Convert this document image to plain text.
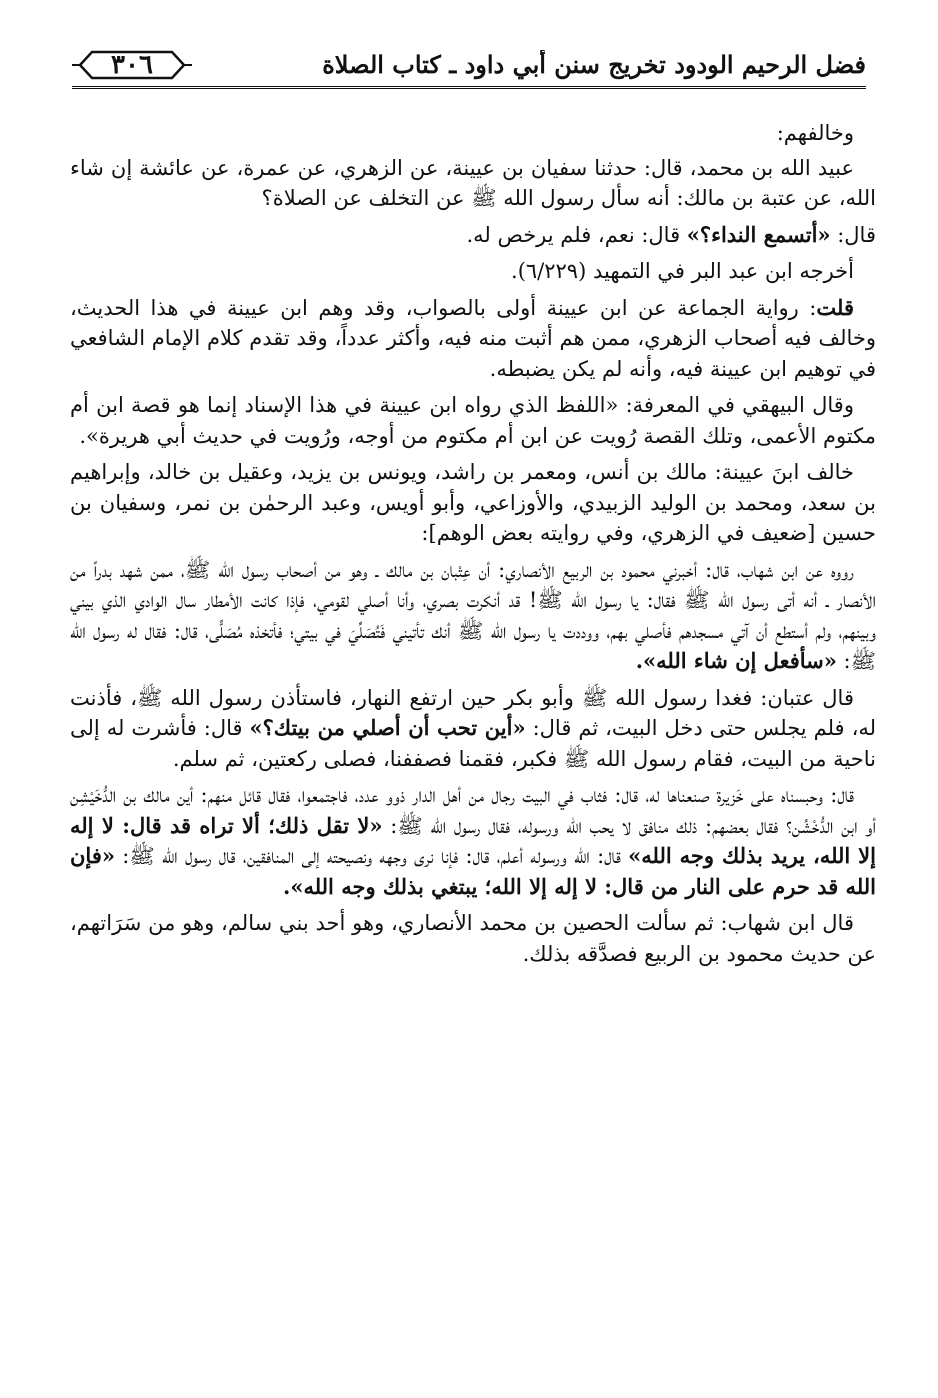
فضل الرحيم الودود تخريج سنن أبي داود ـ كتاب الصلاة
٣٠٦

وخالفهم:

عبيد الله بن محمد، قال: حدثنا سفيان بن عيينة، عن الزهري، عن عمرة، عن عائشة إن شاء الله، عن عتبة بن مالك: أنه سأل رسول الله ﷺ عن التخلف عن الصلاة؟

قال: «أتسمع النداء؟» قال: نعم، فلم يرخص له.

أخرجه ابن عبد البر في التمهيد (٦/٢٢٩).

قلت: رواية الجماعة عن ابن عيينة أولى بالصواب، وقد وهم ابن عيينة في هذا الحديث، وخالف فيه أصحاب الزهري، ممن هم أثبت منه فيه، وأكثر عدداً، وقد تقدم كلام الإمام الشافعي في توهيم ابن عيينة فيه، وأنه لم يكن يضبطه.

وقال البيهقي في المعرفة: «اللفظ الذي رواه ابن عيينة في هذا الإسناد إنما هو قصة ابن أم مكتوم الأعمى، وتلك القصة رُويت عن ابن أم مكتوم من أوجه، ورُويت في حديث أبي هريرة».

خالف ابنَ عيينة: مالك بن أنس، ومعمر بن راشد، ويونس بن يزيد، وعقيل بن خالد، وإبراهيم بن سعد، ومحمد بن الوليد الزبيدي، والأوزاعي، وأبو أويس، وعبد الرحمٰن بن نمر، وسفيان بن حسين [ضعيف في الزهري، وفي روايته بعض الوهم]:

رووه عن ابن شهاب، قال: أخبرني محمود بن الربيع الأنصاري: أن عِتْبان بن مالك ـ وهو من أصحاب رسول الله ﷺ، ممن شهد بدراً من الأنصار ـ أنه أتى رسول الله ﷺ فقال: يا رسول الله ﷺ! قد أنكرت بصري، وأنا أصلي لقومي، فإذا كانت الأمطار سال الوادي الذي بيني وبينهم، ولم أستطع أن آتي مسجدهم فأصلي بهم، ووددت يا رسول الله ﷺ أنك تأتيني فَتُصَلِّيَ في بيتي؛ فأتخذه مُصَلًّى، قال: فقال له رسول الله ﷺ: «سأفعل إن شاء الله».

قال عتبان: فغدا رسول الله ﷺ وأبو بكر حين ارتفع النهار، فاستأذن رسول الله ﷺ، فأذنت له، فلم يجلس حتى دخل البيت، ثم قال: «أين تحب أن أصلي من بيتك؟» قال: فأشرت له إلى ناحية من البيت، فقام رسول الله ﷺ فكبر، فقمنا فصففنا، فصلى ركعتين، ثم سلم.

قال: وحبسناه على خَزيرة صنعناها له، قال: فثاب في البيت رجال من أهل الدار ذوو عدد، فاجتمعوا، فقال قائل منهم: أين مالك بن الدُّخَيْشِن أو ابن الدُّخْشُن؟ فقال بعضهم: ذلك منافق لا يحب الله ورسوله، فقال رسول الله ﷺ: «لا تقل ذلك؛ ألا تراه قد قال: لا إله إلا الله، يريد بذلك وجه الله» قال: الله ورسوله أعلم، قال: فإنا نرى وجهه ونصيحته إلى المنافقين، قال رسول الله ﷺ: «فإن الله قد حرم على النار من قال: لا إله إلا الله؛ يبتغي بذلك وجه الله».

قال ابن شهاب: ثم سألت الحصين بن محمد الأنصاري، وهو أحد بني سالم، وهو من سَرَاتهم، عن حديث محمود بن الربيع فصدَّقه بذلك.
